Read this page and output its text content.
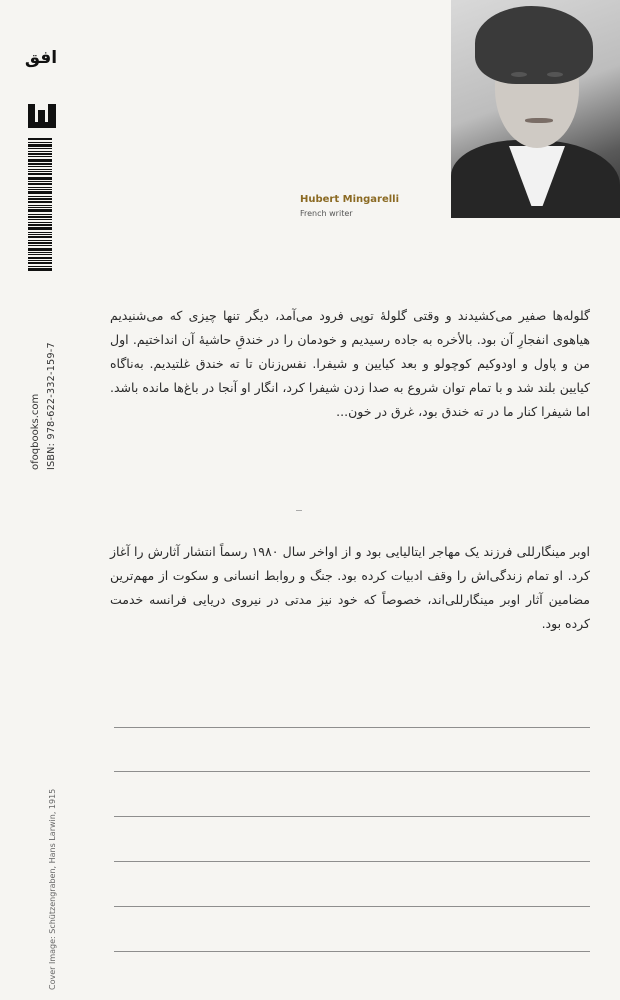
افق
ofoqbooks.com ISBN: 978-622-332-159-7
Cover Image: Schützengraben, Hans Larwin, 1915
Hubert Mingarelli
French writer
گلوله‌ها صفیر می‌کشیدند و وقتی گلولهٔ توپی فرود می‌آمد، دیگر تنها چیزی که می‌شنیدیم هیاهوی انفجارِ آن بود. بالأخره به جاده رسیدیم و خودمان را در خندقِ حاشیهٔ آن انداختیم. اول من و پاول و اودوکیم کوچولو و بعد کیایین و شیفرا. نفس‌زنان تا ته خندق غلتیدیم. به‌ناگاه کیایین بلند شد و با تمام توان شروع به صدا زدن شیفرا کرد، انگار او آنجا در باغ‌ها مانده باشد. اما شیفرا کنار ما در ته خندق بود، غرق در خون...
اوبر مینگارللی فرزند یک مهاجر ایتالیایی بود و از اواخر سال ۱۹۸۰ رسماً انتشار آثارش را آغاز کرد. او تمام زندگی‌اش را وقف ادبیات کرده بود. جنگ و روابط انسانی و سکوت از مهم‌ترین مضامین آثار اوبر مینگارللی‌اند، خصوصاً که خود نیز مدتی در نیروی دریایی فرانسه خدمت کرده بود.
